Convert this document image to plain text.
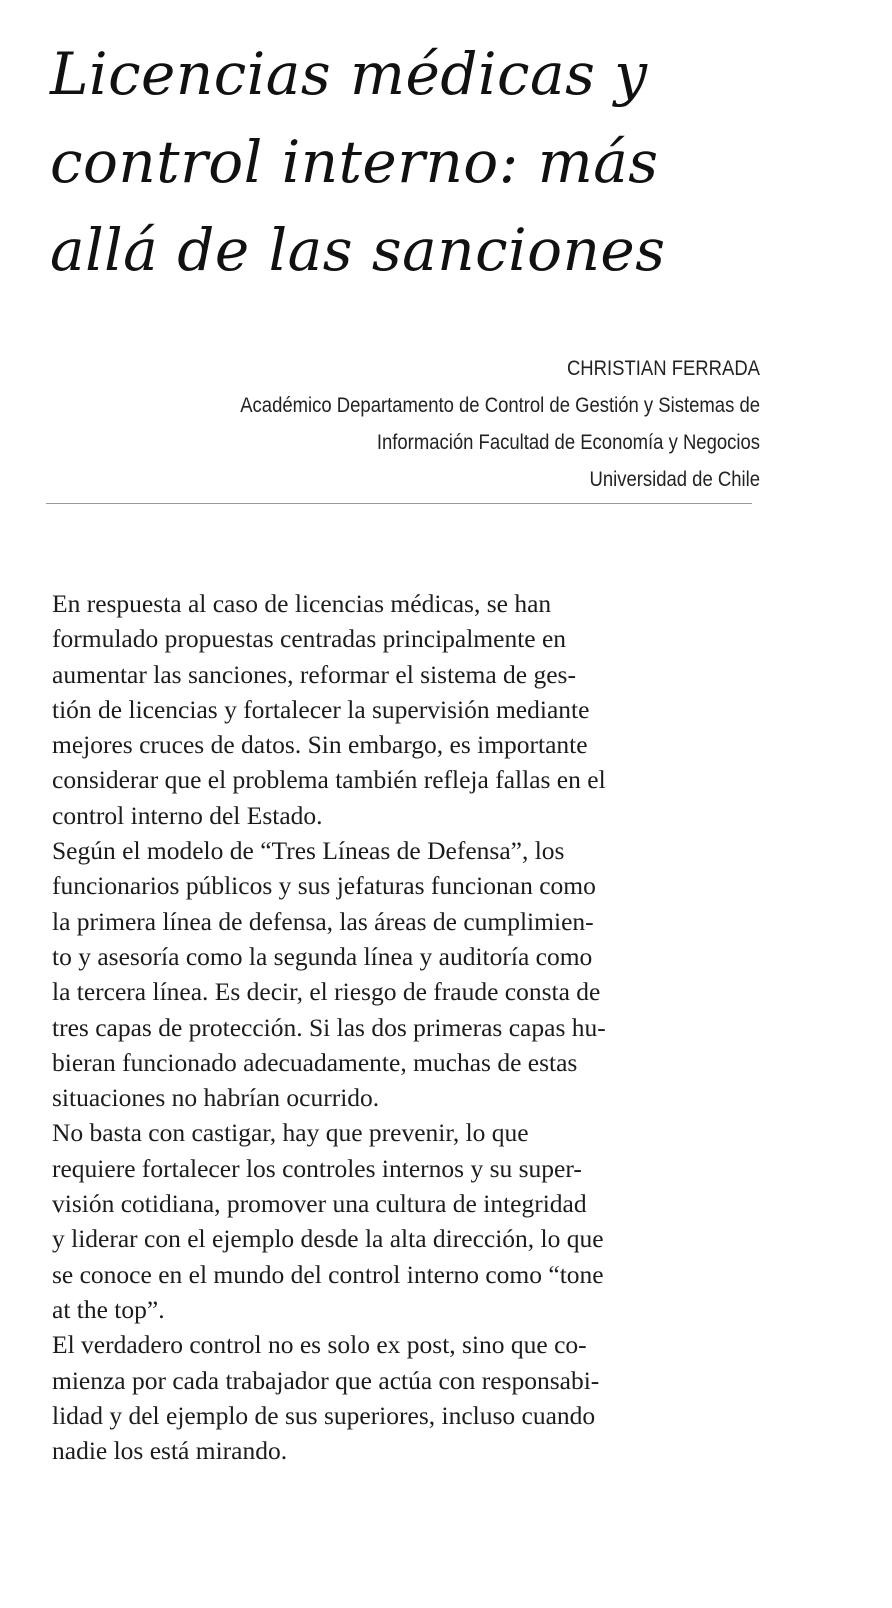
Licencias médicas y
control interno: más
allá de las sanciones
CHRISTIAN FERRADA
Académico Departamento de Control de Gestión y Sistemas de
Información Facultad de Economía y Negocios
Universidad de Chile
En respuesta al caso de licencias médicas, se han
formulado propuestas centradas principalmente en
aumentar las sanciones, reformar el sistema de ges-
tión de licencias y fortalecer la supervisión mediante
mejores cruces de datos. Sin embargo, es importante
considerar que el problema también refleja fallas en el
control interno del Estado.
Según el modelo de “Tres Líneas de Defensa”, los
funcionarios públicos y sus jefaturas funcionan como
la primera línea de defensa, las áreas de cumplimien-
to y asesoría como la segunda línea y auditoría como
la tercera línea. Es decir, el riesgo de fraude consta de
tres capas de protección. Si las dos primeras capas hu-
bieran funcionado adecuadamente, muchas de estas
situaciones no habrían ocurrido.
No basta con castigar, hay que prevenir, lo que
requiere fortalecer los controles internos y su super-
visión cotidiana, promover una cultura de integridad
y liderar con el ejemplo desde la alta dirección, lo que
se conoce en el mundo del control interno como “tone
at the top”.
El verdadero control no es solo ex post, sino que co-
mienza por cada trabajador que actúa con responsabi-
lidad y del ejemplo de sus superiores, incluso cuando
nadie los está mirando.
